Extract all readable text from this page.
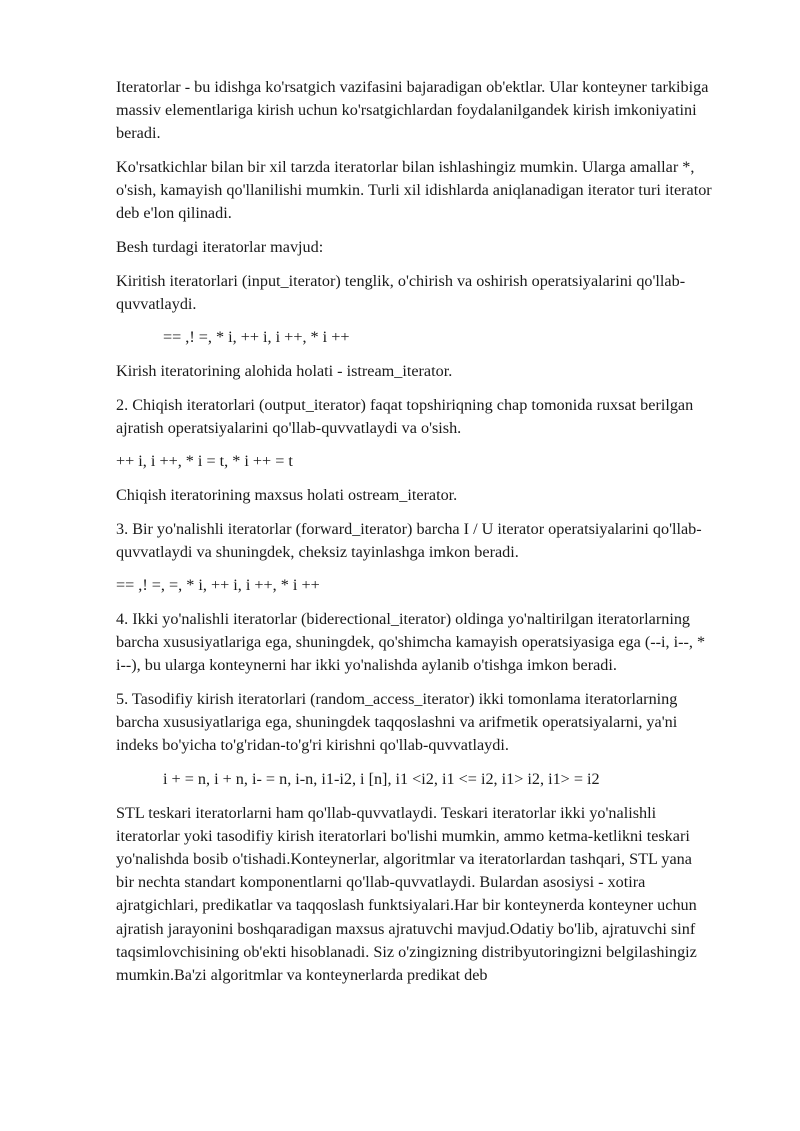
Iteratorlar - bu idishga ko'rsatgich vazifasini bajaradigan ob'ektlar. Ular konteyner tarkibiga massiv elementlariga kirish uchun ko'rsatgichlardan foydalanilgandek kirish imkoniyatini beradi.

Ko'rsatkichlar bilan bir xil tarzda iteratorlar bilan ishlashingiz mumkin. Ularga amallar *, o'sish, kamayish qo'llanilishi mumkin. Turli xil idishlarda aniqlanadigan iterator turi iterator deb e'lon qilinadi.

Besh turdagi iteratorlar mavjud:

Kiritish iteratorlari (input_iterator) tenglik, o'chirish va oshirish operatsiyalarini qo'llab-quvvatlaydi.

== ,! =, * i, ++ i, i ++, * i ++

Kirish iteratorining alohida holati - istream_iterator.

2. Chiqish iteratorlari (output_iterator) faqat topshiriqning chap tomonida ruxsat berilgan ajratish operatsiyalarini qo'llab-quvvatlaydi va o'sish.

++ i, i ++, * i = t, * i ++ = t

Chiqish iteratorining maxsus holati ostream_iterator.

3. Bir yo'nalishli iteratorlar (forward_iterator) barcha I / U iterator operatsiyalarini qo'llab-quvvatlaydi va shuningdek, cheksiz tayinlashga imkon beradi.

== ,! =, =, * i, ++ i, i ++, * i ++

4. Ikki yo'nalishli iteratorlar (biderectional_iterator) oldinga yo'naltirilgan iteratorlarning barcha xususiyatlariga ega, shuningdek, qo'shimcha kamayish operatsiyasiga ega (--i, i--, * i--), bu ularga konteynerni har ikki yo'nalishda aylanib o'tishga imkon beradi.

5. Tasodifiy kirish iteratorlari (random_access_iterator) ikki tomonlama iteratorlarning barcha xususiyatlariga ega, shuningdek taqqoslashni va arifmetik operatsiyalarni, ya'ni indeks bo'yicha to'g'ridan-to'g'ri kirishni qo'llab-quvvatlaydi.

i + = n, i + n, i- = n, i-n, i1-i2, i [n], i1 <i2, i1 <= i2, i1> i2, i1> = i2

STL teskari iteratorlarni ham qo'llab-quvvatlaydi. Teskari iteratorlar ikki yo'nalishli iteratorlar yoki tasodifiy kirish iteratorlari bo'lishi mumkin, ammo ketma-ketlikni teskari yo'nalishda bosib o'tishadi.Konteynerlar, algoritmlar va iteratorlardan tashqari, STL yana bir nechta standart komponentlarni qo'llab-quvvatlaydi. Bulardan asosiysi - xotira ajratgichlari, predikatlar va taqqoslash funktsiyalari.Har bir konteynerda konteyner uchun ajratish jarayonini boshqaradigan maxsus ajratuvchi mavjud.Odatiy bo'lib, ajratuvchi sinf taqsimlovchisining ob'ekti hisoblanadi. Siz o'zingizning distribyutoringizni belgilashingiz mumkin.Ba'zi algoritmlar va konteynerlarda predikat deb
